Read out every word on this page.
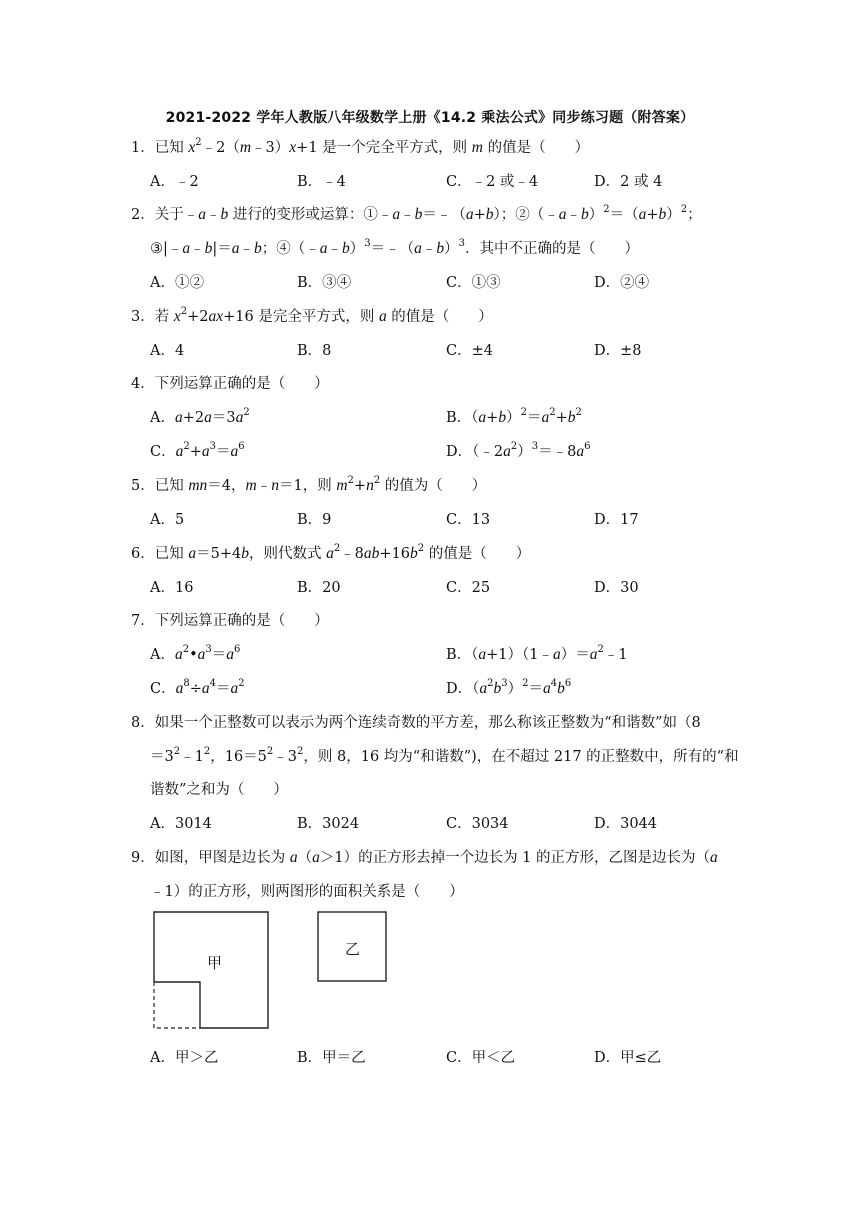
2021-2022 学年人教版八年级数学上册《14.2 乘法公式》同步练习题（附答案）
1．已知 $x^2﹣2(m﹣3)x+1$ 是一个完全平方式，则 m 的值是（　　）
A．﹣2	B．﹣4	C．﹣2 或﹣4	D．2 或 4
2．关于﹣a﹣b 进行的变形或运算：①﹣a﹣b＝﹣（a+b）；$②(﹣a﹣b)^2=(a+b)^2$；
③|﹣a﹣b|＝a﹣b；④（﹣a﹣b）$^3$＝﹣（a﹣b）$^3$．其中不正确的是（　　）
A．①②	B．③④	C．①③	D．②④
3．若 $x^2+2ax+16$ 是完全平方式，则 a 的值是（　　）
A．4	B．8	C．±4	D．±8
4．下列运算正确的是（　　）
A．$a+2a=3a^2$	B．$(a+b)^2=a^2+b^2$
C．$a^2+a^3=a^6$	D．$(﹣2a^2)^3=﹣8a^6$
5．已知 mn＝4，m﹣n＝1，则 $m^2+n^2$ 的值为（　　）
A．5	B．9	C．13	D．17
6．已知 a＝5+4b，则代数式 $a^2﹣8ab+16b^2$ 的值是（　　）
A．16	B．20	C．25	D．30
7．下列运算正确的是（　　）
A．$a^2•a^3=a^6$	B．$(a+1)(1﹣a)=a^2﹣1$
C．$a^8\div a^4=a^2$	D．$(a^2b^3)^2=a^4b^6$
8．如果一个正整数可以表示为两个连续奇数的平方差，那么称该正整数为“和谐数”如（8
$=3^2﹣1^2$，$16=5^2﹣3^2$，则 8，16 均为“和谐数”)，在不超过 217 的正整数中，所有的“和
谐数”之和为（　　）
A．3014	B．3024	C．3034	D．3044
9．如图，甲图是边长为 a（a＞1）的正方形去掉一个边长为 1 的正方形，乙图是边长为（a
﹣1）的正方形，则两图形的面积关系是（　　）
甲
乙
A．甲＞乙	B．甲＝乙	C．甲＜乙	D．甲≤乙
